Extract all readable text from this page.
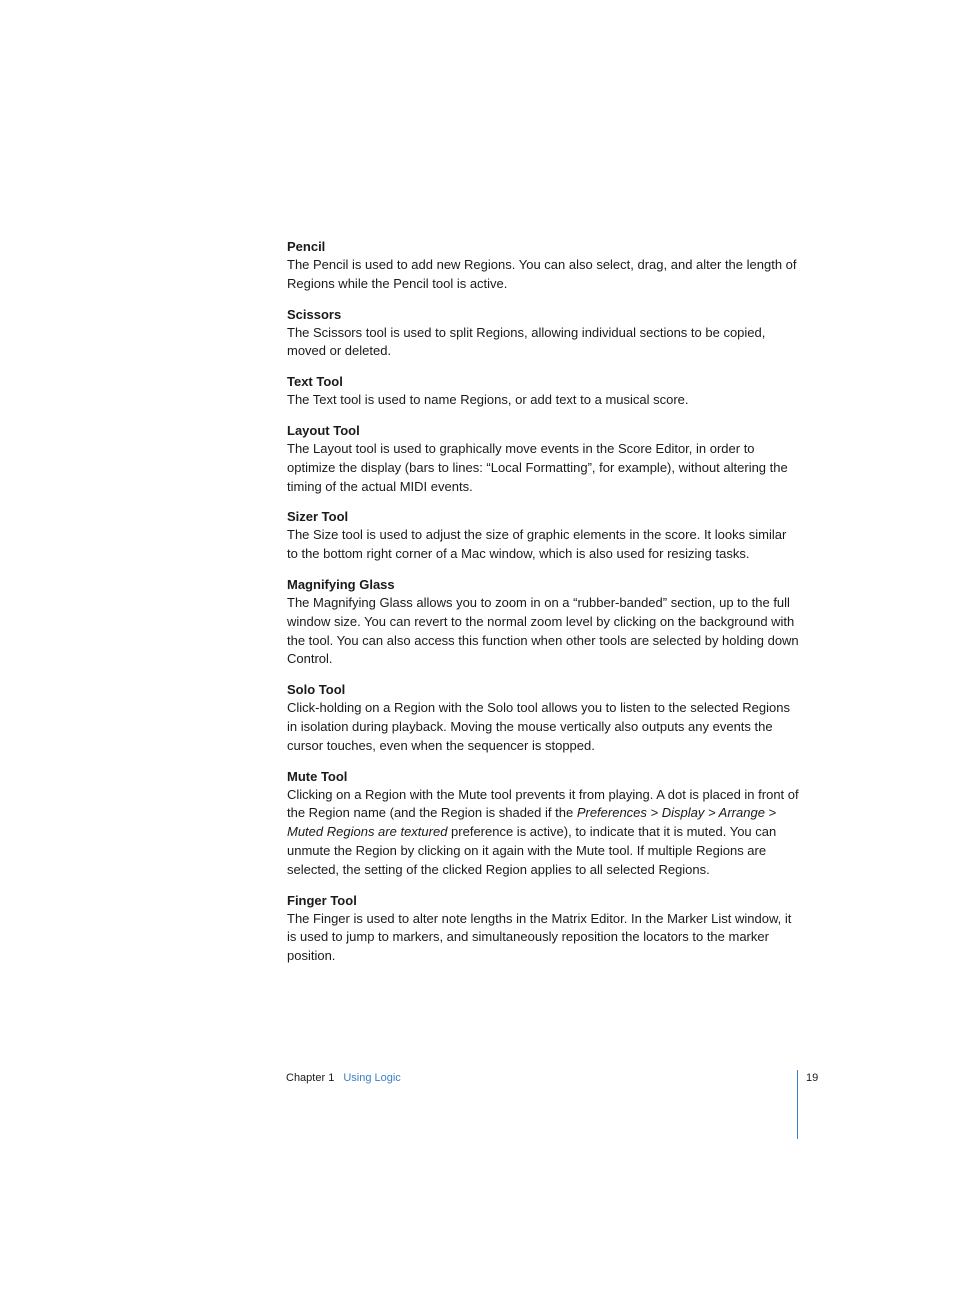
Pencil

The Pencil is used to add new Regions. You can also select, drag, and alter the length of Regions while the Pencil tool is active.

Scissors

The Scissors tool is used to split Regions, allowing individual sections to be copied, moved or deleted.

Text Tool

The Text tool is used to name Regions, or add text to a musical score.

Layout Tool

The Layout tool is used to graphically move events in the Score Editor, in order to optimize the display (bars to lines: “Local Formatting”, for example), without altering the timing of the actual MIDI events.

Sizer Tool

The Size tool is used to adjust the size of graphic elements in the score. It looks similar to the bottom right corner of a Mac window, which is also used for resizing tasks.

Magnifying Glass

The Magnifying Glass allows you to zoom in on a “rubber-banded” section, up to the full window size. You can revert to the normal zoom level by clicking on the background with the tool. You can also access this function when other tools are selected by holding down Control.

Solo Tool

Click-holding on a Region with the Solo tool allows you to listen to the selected Regions in isolation during playback. Moving the mouse vertically also outputs any events the cursor touches, even when the sequencer is stopped.

Mute Tool

Clicking on a Region with the Mute tool prevents it from playing. A dot is placed in front of the Region name (and the Region is shaded if the Preferences > Display > Arrange > Muted Regions are textured preference is active), to indicate that it is muted. You can unmute the Region by clicking on it again with the Mute tool. If multiple Regions are selected, the setting of the clicked Region applies to all selected Regions.

Finger Tool

The Finger is used to alter note lengths in the Matrix Editor. In the Marker List window, it is used to jump to markers, and simultaneously reposition the locators to the marker position.

Chapter 1 Using Logic	19
